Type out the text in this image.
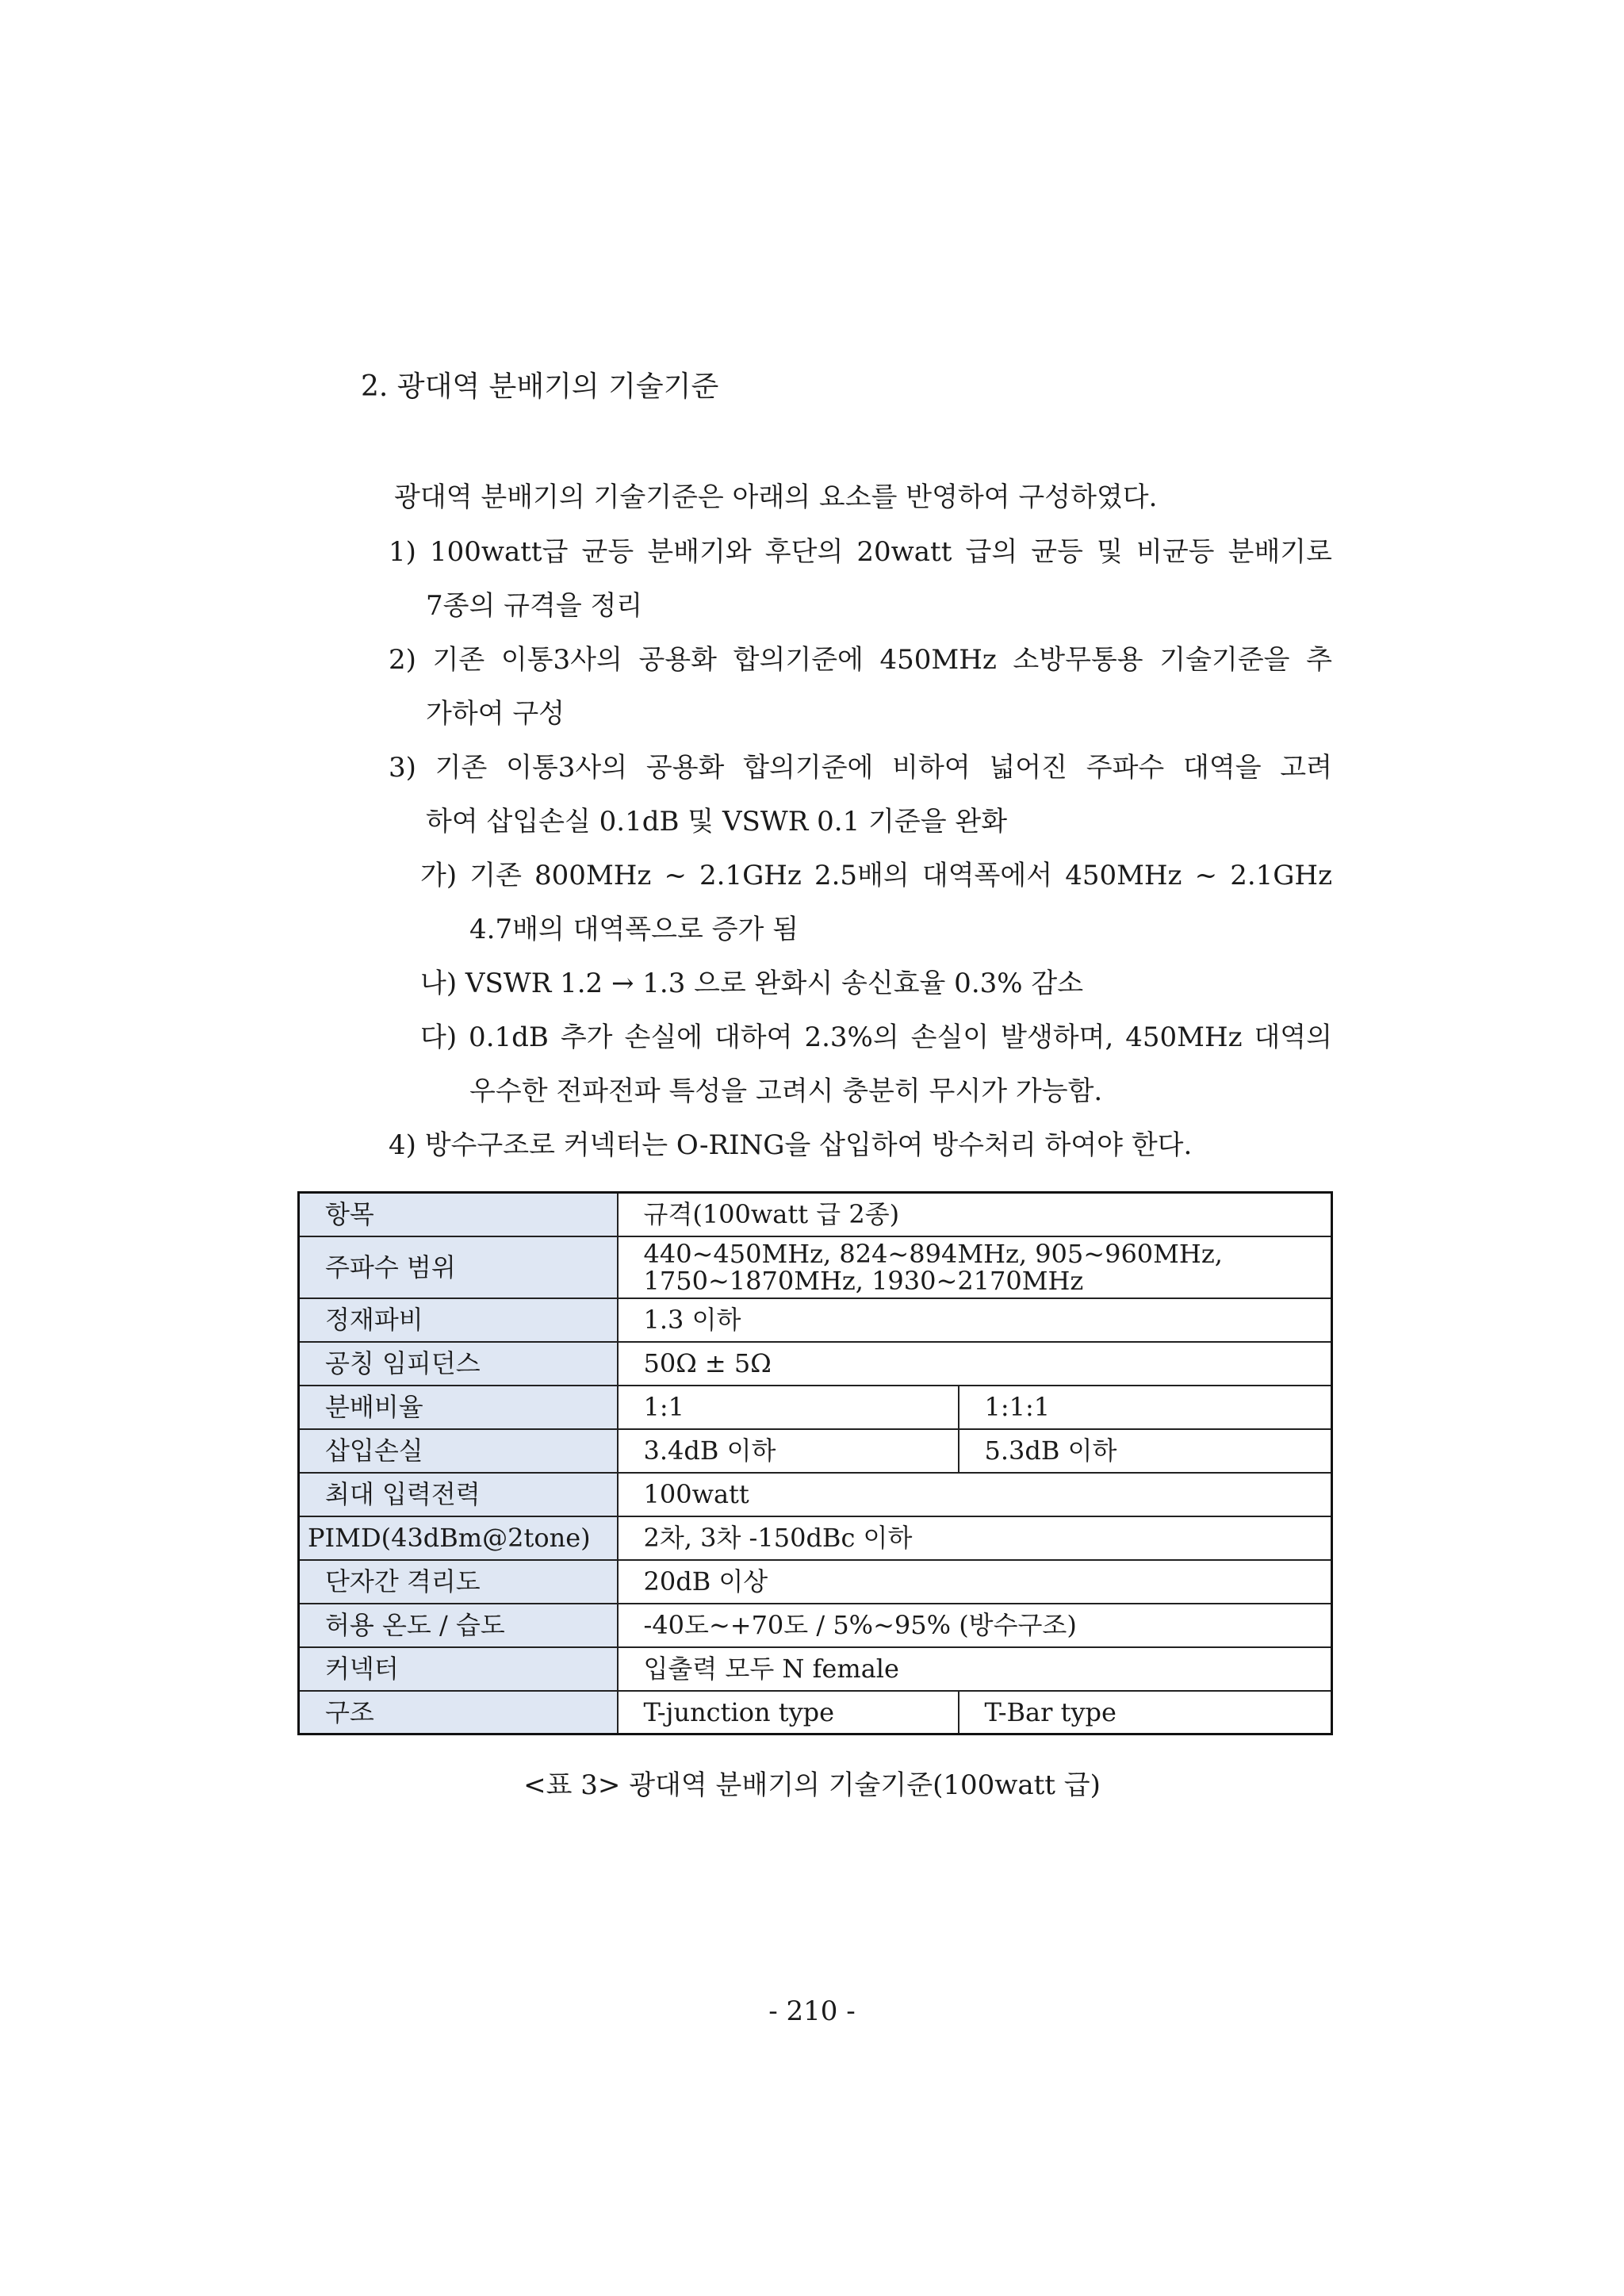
2. 광대역 분배기의 기술기준
광대역 분배기의 기술기준은 아래의 요소를 반영하여 구성하였다.
1) 100watt급 균등 분배기와 후단의 20watt 급의 균등 및 비균등 분배기로
7종의 규격을 정리
2) 기존 이통3사의 공용화 합의기준에 450MHz 소방무통용 기술기준을 추
가하여 구성
3) 기존 이통3사의 공용화 합의기준에 비하여 넓어진 주파수 대역을 고려
하여 삽입손실 0.1dB 및 VSWR 0.1 기준을 완화
가) 기존 800MHz ~ 2.1GHz 2.5배의 대역폭에서 450MHz ~ 2.1GHz
4.7배의 대역폭으로 증가 됨
나) VSWR 1.2 → 1.3 으로 완화시 송신효율 0.3% 감소
다) 0.1dB 추가 손실에 대하여 2.3%의 손실이 발생하며, 450MHz 대역의
우수한 전파전파 특성을 고려시 충분히 무시가 가능함.
4) 방수구조로 커넥터는 O-RING을 삽입하여 방수처리 하여야 한다.
항목	규격(100watt 급 2종)	
주파수 범위	440~450MHz, 824~894MHz, 905~960MHz,
1750~1870MHz, 1930~2170MHz	

정재파비	1.3 이하	
공칭 임피던스	50Ω ± 5Ω	
분배비율	1:1	1:1:1
삽입손실	3.4dB 이하	5.3dB 이하
최대 입력전력	100watt	
PIMD(43dBm@2tone)	2차, 3차 -150dBc 이하	
단자간 격리도	20dB 이상	
허용 온도 / 습도	-40도~+70도 / 5%~95% (방수구조)	
커넥터	입출력 모두 N female	
구조	T-junction type	T-Bar type
<표 3> 광대역 분배기의 기술기준(100watt 급)
- 210 -
